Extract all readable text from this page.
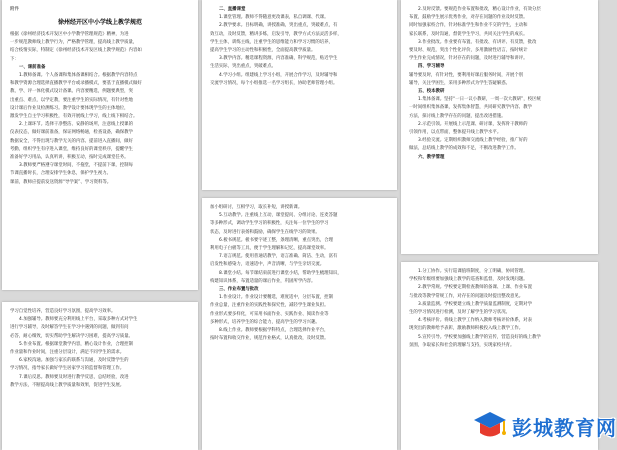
附件
徐州经开区中小学线上教学规范
根据《徐州经济技术开发区中小学教学管理规范》精神，为进
一步规范教师线上教学行为，严格教学管理，提高线上教学质量，
结合疫情实际，特制定《徐州经济技术开发区线上教学规范》内容如
下：
一、课前准备
1.教师备课。个人备课和集体备课相结合。根据教学内容特点
和教学资源合理选择直播教学平台或录播模式，要基于直播模式做好
教、学、评一体化模式设计备课。内容要精选，例题要典型，突
出重点、难点，以学定教，要注重学生的实际情况，有针对性地
设计课后作业及检测练习。教学设计要体现学生的主体地位，
激发学生自主学习积极性，有效开展线上学习，线上线下相结合。
2.上课环节。选择干净整洁、安静的场所，注意线上授课的
仪表仪态，做好课前准备，保证网络畅通，检查设备，确保教学
数据安全，不得出现与教学无关的内容。提前进入直播间，做好
考勤，组织学生有序进入课堂，维持良好的课堂秩序，提醒学生
准备好学习用品，认真听讲，积极互动，按时完成课堂任务。
3.教师要严格遵守课堂时间，不拖堂，不提前下课，控制每
节课直播时长，合理安排学生休息，保护学生视力。
课前，教师应提前发送资源“导学案”、学习资料等。
二、直播课堂
1.课堂管理。教师不得随意更改课表，私自调课、代课。
2.教学要求。目标明确，讲授准确，突出重点，突破难点，有
效互动，及时反馈，精讲多练，启发引导，教学方式方法灵活多样，
学生主体，训练主线，注重学生的思维能力和学习习惯的培养，
提高学生学习的主动性和积极性，全面提高教学质量。
3.教学内容。精选课程资源，内容准确，科学规范，贴近学生
生活实际，突出重点，突破难点。
4.学习小组。组建线上学习小组，开展合作学习，及时辅导和
交流学习情况，每个小组推选一名学习组长，协助老师管理小组。
2.及时反馈。要规范作业布置和批改，精心设计作业，有效分层
布置，鼓励学生展示优秀作业，对存在问题的作业及时反馈。
同时加强家校合作，针对标准学生和作业不交的学生，主动和
家长联系，及时沟通，督促学生学习，共同关注学生的成长。
3.作业批改。作业要有布置、有批改、有讲评、有反馈，批改
要及时、规范，突出个性化评价，多用激励性语言，按时统计
学生作业完成情况，针对存在的问题，及时进行辅导和讲评。
四、学习辅导
辅导要及时，有针对性，要利用好课后服务时间，开展个别
辅导，关注学困生，采用多种形式为学生答疑解惑。
五、校本教研
1.集体备课。坚持“一日一议小教研，一周一次大教研”，校区统
一时间组织集体备课，发挥集体智慧，共同研究教学内容、教学
方法，探讨线上教学存在的问题，提出改进措施。
2.示范引领。开展线上示范课、研讨课，发挥骨干教师的
引领作用，以点带面，整体提升线上教学水平。
3.经验交流。定期组织教师交流线上教学经验，推广好的
做法，总结线上教学的成效和不足，不断改进教学工作。
六、教学管理
加小组研讨，互相学习，取长补短，讲授新课。
5.互动教学。注重线上互动，课堂提问、分组讨论、连麦答题
等多种形式，调动学生学习的积极性，关注每一位学生的学习
状态，及时进行表扬和鼓励，确保学生在线学习的效果。
6.板书规范。板书要字迹工整，条理清晰，重点突出，合理
利用电子白板等工具，便于学生理解和记忆，提高课堂效率。
7.语言规范。使用普通话教学，语言准确、简洁、生动，富有
启发性和感染力，语速适中，声音清晰，与学生亲切交流。
8.课堂小结。每节课结束前进行课堂小结，帮助学生梳理知识，
构建知识体系，布置适量的课后作业，巩固所学内容。
三、作业布置与批改
1.作业设计。作业设计要精选，难度适中，分层布置，控制
作业总量，注重作业的实践性和探究性，减轻学生课业负担。
作业形式要多样化，可采用书面作业、实践作业、阅读作业等
多种形式，培养学生的综合能力，提高学生的学习兴趣。
8.线上作业。教师要根据学科特点，合理选择作业平台，
按时布置和收交作业，规范作业格式，认真批改，及时反馈。
学习自觉性培养，营造良好学习氛围，提高学习效率。
4.加强辅导。教师要充分利用线上平台，采取多种方式对学生
进行学习辅导，及时解答学生在学习中遇到的问题，做到有问
必答，耐心细致，切实帮助学生解决学习困难，提高学习质量。
5.作业布置。根据课堂教学内容，精心设计作业，合理控制
作业量和作业时间，注重分层设计，满足不同学生的需求。
6.家校沟通。加强与家长的联系与沟通，及时反馈学生的
学习情况，指导家长做好学生居家学习的监督和管理工作。
7.课后反思。教师要及时进行教学反思，总结经验，改进
教学方法，不断提高线上教学质量和效果，促进学生发展。
1.分工协作。实行巡课值班制度，分工明确，协同管理。
学校和年级组要加强线上教学的巡查和监督，及时发现问题。
2.教学常规。学校要定期检查教师的备课、上课、作业布置
与批改等教学常规工作，对存在的问题及时提出整改意见。
3.质量监测。学校要建立线上教学质量监测制度，定期对学
生的学习情况进行检测，及时了解学生的学习状况。
4.考核评价。将线上教学工作纳入教师考核评价体系，对表
现突出的教师给予表彰，激励教师积极投入线上教学工作。
5.宣传引导。学校要加强线上教学的宣传，营造良好的线上教学
氛围，争取家长和社会的理解与支持，实现家校共育。
彭城教育网
